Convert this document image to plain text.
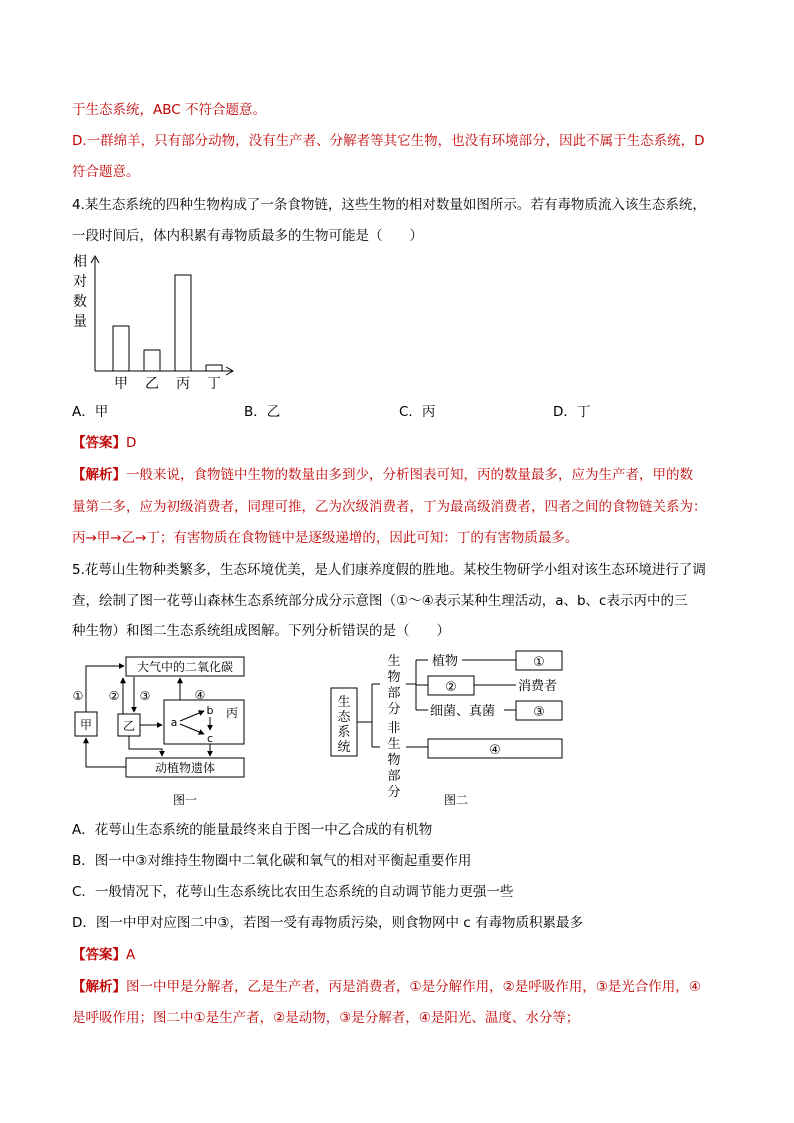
于生态系统，ABC 不符合题意。
D.一群绵羊，只有部分动物，没有生产者、分解者等其它生物，也没有环境部分，因此不属于生态系统，D
符合题意。
4.某生态系统的四种生物构成了一条食物链，这些生物的相对数量如图所示。若有毒物质流入该生态系统，
一段时间后，体内积累有毒物质最多的生物可能是（　　）
相
对
数
量
甲 乙 丙 丁
A．甲	B．乙	C．丙	D．丁
【答案】D
【解析】一般来说，食物链中生物的数量由多到少，分析图表可知，丙的数量最多，应为生产者，甲的数
量第二多，应为初级消费者，同理可推，乙为次级消费者，丁为最高级消费者，四者之间的食物链关系为：
丙→甲→乙→丁；有害物质在食物链中是逐级递增的，因此可知：丁的有害物质最多。
5.花萼山生物种类繁多，生态环境优美，是人们康养度假的胜地。某校生物研学小组对该生态环境进行了调
查，绘制了图一花萼山森林生态系统部分成分示意图（①～④表示某种生理活动，a、b、c表示丙中的三
种生物）和图二生态系统组成图解。下列分析错误的是（　　）
大气中的二氧化碳
甲	乙
丙
a
b
c
动植物遗体
① ② ③	④
图一
生
态
系
统
生
物
部
分
非
生
物
部
分
植物	①
②	消费者
细菌、真菌	③
④
图二
A．花萼山生态系统的能量最终来自于图一中乙合成的有机物
B．图一中③对维持生物圈中二氧化碳和氧气的相对平衡起重要作用
C．一般情况下，花萼山生态系统比农田生态系统的自动调节能力更强一些
D．图一中甲对应图二中③，若图一受有毒物质污染，则食物网中 c 有毒物质积累最多
【答案】A
【解析】图一中甲是分解者，乙是生产者，丙是消费者，①是分解作用，②是呼吸作用，③是光合作用，④
是呼吸作用；图二中①是生产者，②是动物，③是分解者，④是阳光、温度、水分等；
